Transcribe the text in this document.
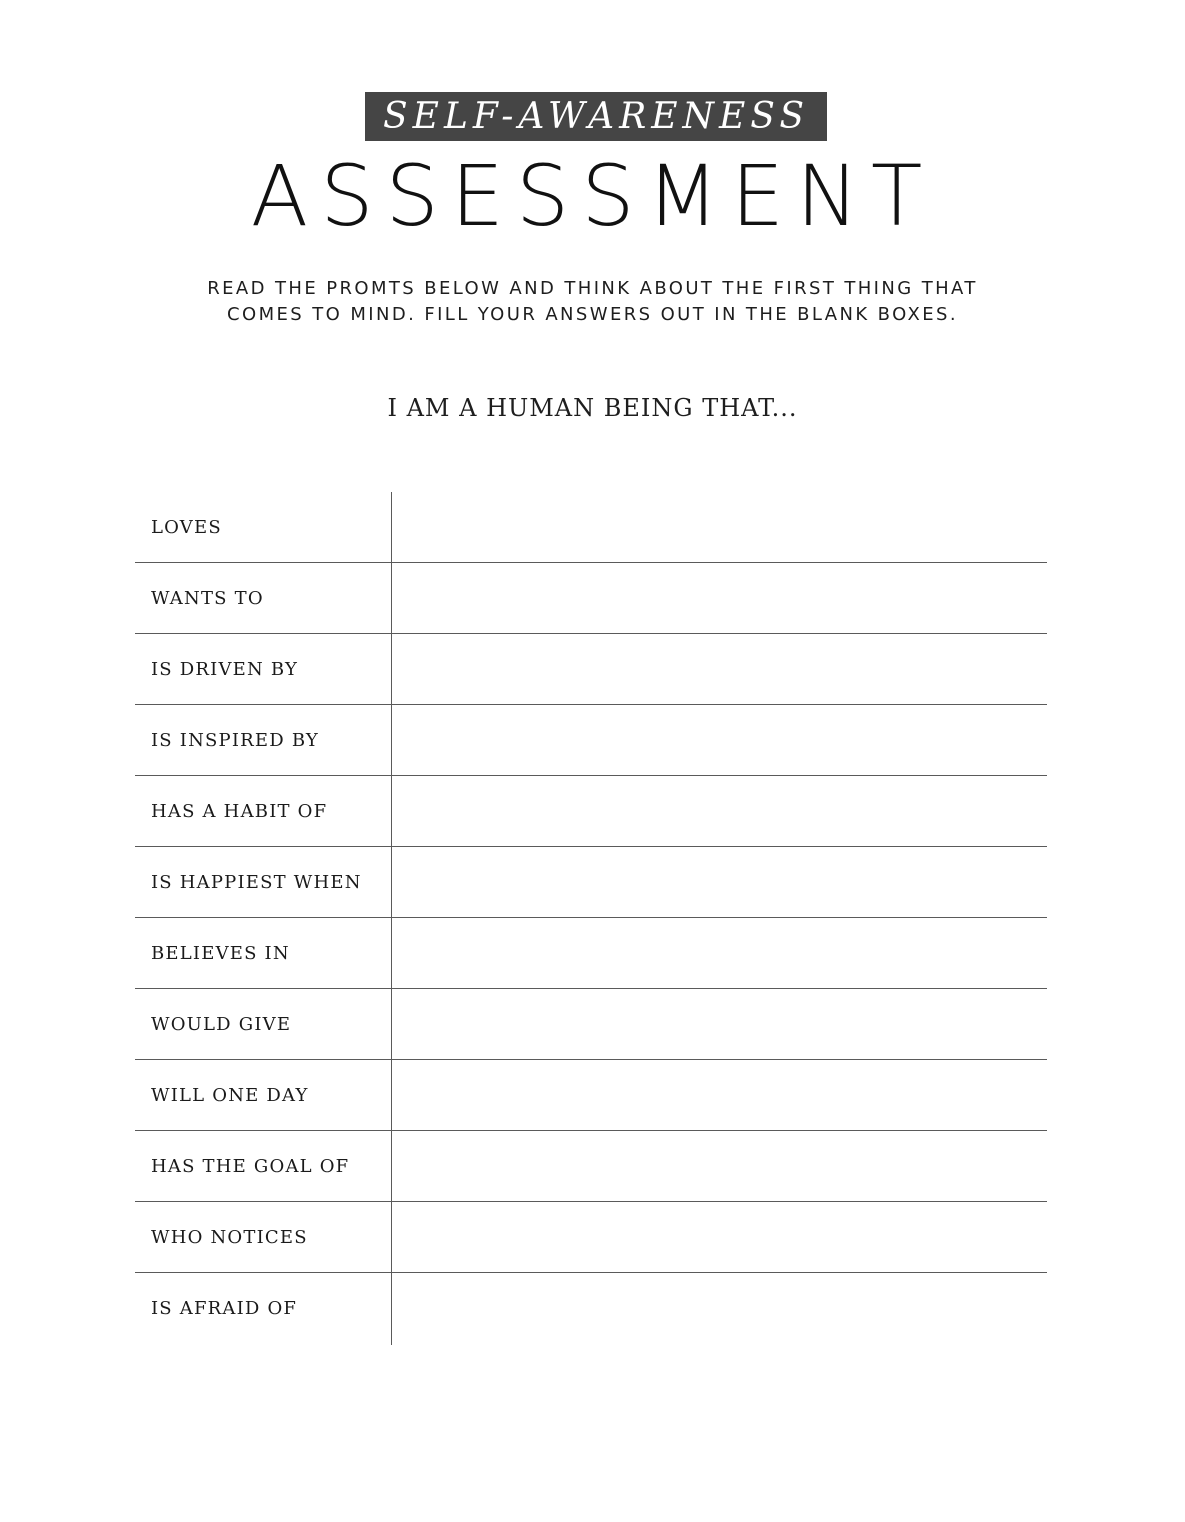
SELF-AWARENESS
ASSESSMENT
READ THE PROMTS BELOW AND THINK ABOUT THE FIRST THING THAT
COMES TO MIND. FILL YOUR ANSWERS OUT IN THE BLANK BOXES.
I AM A HUMAN BEING THAT...
LOVES
WANTS TO
IS DRIVEN BY
IS INSPIRED BY
HAS A HABIT OF
IS HAPPIEST WHEN
BELIEVES IN
WOULD GIVE
WILL ONE DAY
HAS THE GOAL OF
WHO NOTICES
IS AFRAID OF
